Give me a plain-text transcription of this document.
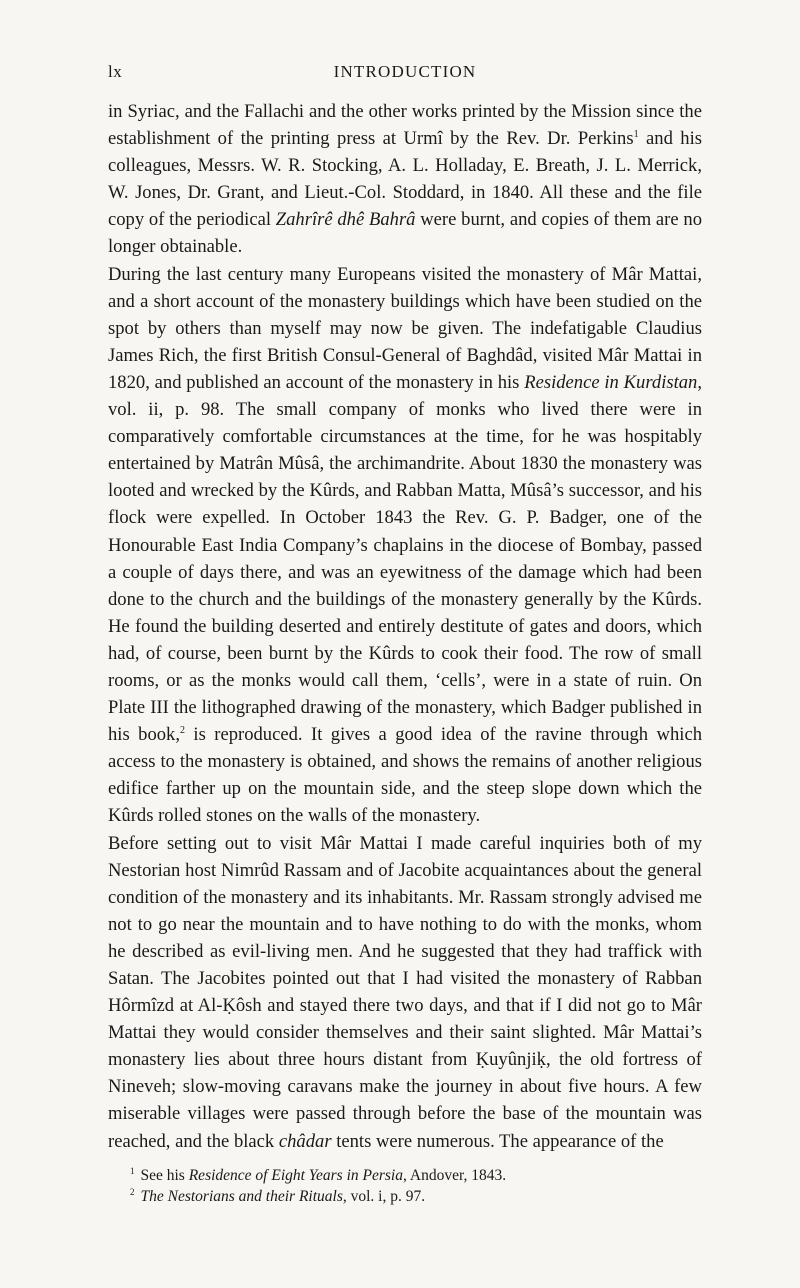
lx	INTRODUCTION

in Syriac, and the Fallachi and the other works printed by the Mission since the establishment of the printing press at Urmî by the Rev. Dr. Perkins$^1$ and his colleagues, Messrs. W. R. Stocking, A. L. Holladay, E. Breath, J. L. Merrick, W. Jones, Dr. Grant, and Lieut.-Col. Stoddard, in 1840. All these and the file copy of the periodical Zahrîrê dhê Bahrâ were burnt, and copies of them are no longer obtainable.

During the last century many Europeans visited the monastery of Mâr Mattai, and a short account of the monastery buildings which have been studied on the spot by others than myself may now be given. The indefatigable Claudius James Rich, the first British Consul-General of Baghdâd, visited Mâr Mattai in 1820, and published an account of the monastery in his Residence in Kurdistan, vol. ii, p. 98. The small company of monks who lived there were in comparatively comfortable circumstances at the time, for he was hospitably entertained by Matrân Mûsâ, the archimandrite. About 1830 the monastery was looted and wrecked by the Kûrds, and Rabban Matta, Mûsâ’s successor, and his flock were expelled. In October 1843 the Rev. G. P. Badger, one of the Honourable East India Company’s chaplains in the diocese of Bombay, passed a couple of days there, and was an eyewitness of the damage which had been done to the church and the buildings of the monastery generally by the Kûrds. He found the building deserted and entirely destitute of gates and doors, which had, of course, been burnt by the Kûrds to cook their food. The row of small rooms, or as the monks would call them, ‘cells’, were in a state of ruin. On Plate III the lithographed drawing of the monastery, which Badger published in his book,$^2$ is reproduced. It gives a good idea of the ravine through which access to the monastery is obtained, and shows the remains of another religious edifice farther up on the mountain side, and the steep slope down which the Kûrds rolled stones on the walls of the monastery.

Before setting out to visit Mâr Mattai I made careful inquiries both of my Nestorian host Nimrûd Rassam and of Jacobite acquaintances about the general condition of the monastery and its inhabitants. Mr. Rassam strongly advised me not to go near the mountain and to have nothing to do with the monks, whom he described as evil-living men. And he suggested that they had traffick with Satan. The Jacobites pointed out that I had visited the monastery of Rabban Hôrmîzd at Al-Ḳôsh and stayed there two days, and that if I did not go to Mâr Mattai they would consider themselves and their saint slighted. Mâr Mattai’s monastery lies about three hours distant from Ḳuyûnjiḳ, the old fortress of Nineveh; slow-moving caravans make the journey in about five hours. A few miserable villages were passed through before the base of the mountain was reached, and the black châdar tents were numerous. The appearance of the

$^1$ See his Residence of Eight Years in Persia, Andover, 1843.
$^2$ The Nestorians and their Rituals, vol. i, p. 97.
